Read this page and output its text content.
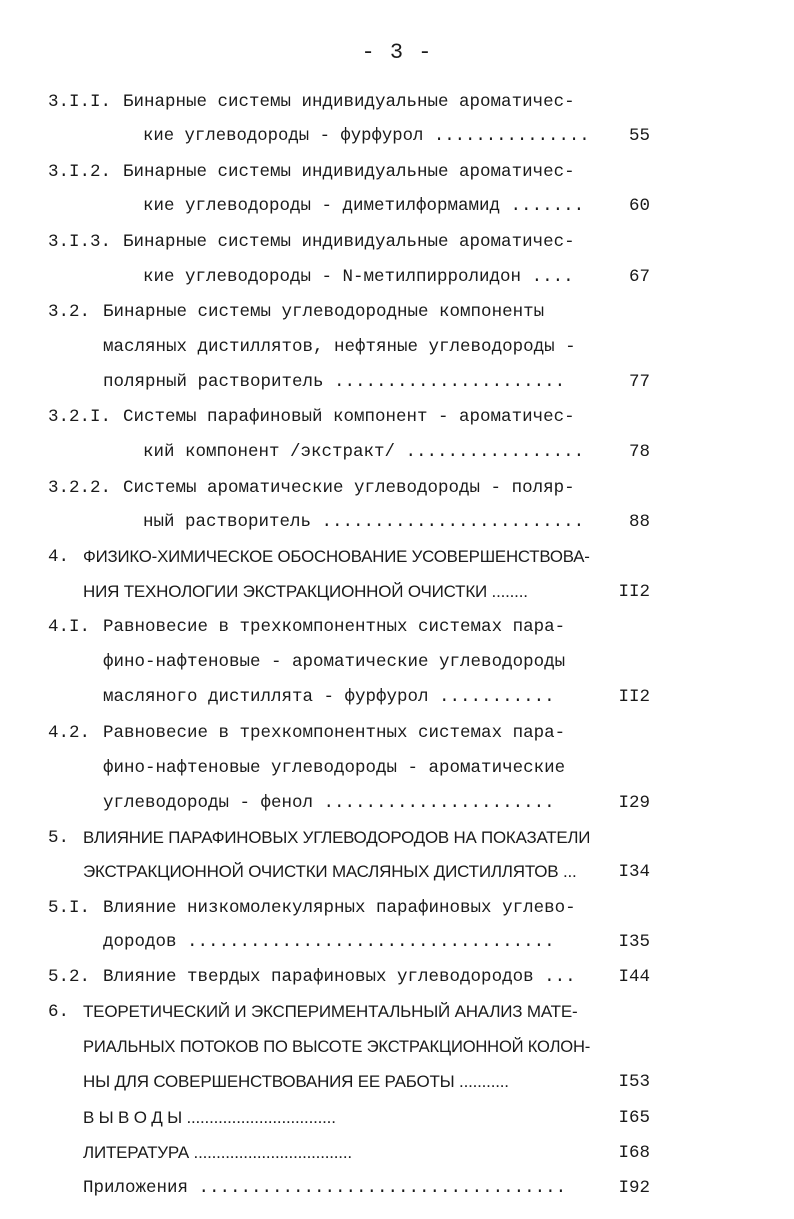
- 3 -
3.I.I. Бинарные системы индивидуальные ароматичес-
кие углеводороды - фурфурол ...............	55
3.I.2. Бинарные системы индивидуальные ароматичес-
кие углеводороды - диметилформамид .......	60
3.I.3. Бинарные системы индивидуальные ароматичес-
кие углеводороды - N-метилпирролидон ....	67
3.2. Бинарные системы углеводородные компоненты
масляных дистиллятов, нефтяные углеводороды -
полярный растворитель ......................	77
3.2.I. Системы парафиновый компонент - ароматичес-
кий компонент /экстракт/ .................	78
3.2.2. Системы ароматические углеводороды - поляр-
ный растворитель .........................	88
4. ФИЗИКО-ХИМИЧЕСКОЕ ОБОСНОВАНИЕ УСОВЕРШЕНСТВОВА-
НИЯ ТЕХНОЛОГИИ ЭКСТРАКЦИОННОЙ ОЧИСТКИ ........	II2
4.I. Равновесие в трехкомпонентных системах пара-
фино-нафтеновые - ароматические углеводороды
масляного дистиллята - фурфурол ...........	II2
4.2. Равновесие в трехкомпонентных системах пара-
фино-нафтеновые углеводороды - ароматические
углеводороды - фенол ......................	I29
5. ВЛИЯНИЕ ПАРАФИНОВЫХ УГЛЕВОДОРОДОВ НА ПОКАЗАТЕЛИ
ЭКСТРАКЦИОННОЙ ОЧИСТКИ МАСЛЯНЫХ ДИСТИЛЛЯТОВ ...	I34
5.I. Влияние низкомолекулярных парафиновых углево-
дородов ...................................	I35
5.2. Влияние твердых парафиновых углеводородов ...	I44
6. ТЕОРЕТИЧЕСКИЙ И ЭКСПЕРИМЕНТАЛЬНЫЙ АНАЛИЗ МАТЕ-
РИАЛЬНЫХ ПОТОКОВ ПО ВЫСОТЕ ЭКСТРАКЦИОННОЙ КОЛОН-
НЫ ДЛЯ СОВЕРШЕНСТВОВАНИЯ ЕЕ РАБОТЫ ...........	I53
В Ы В О Д Ы .................................	I65
ЛИТЕРАТУРА ...................................	I68
Приложения ...................................	I92
